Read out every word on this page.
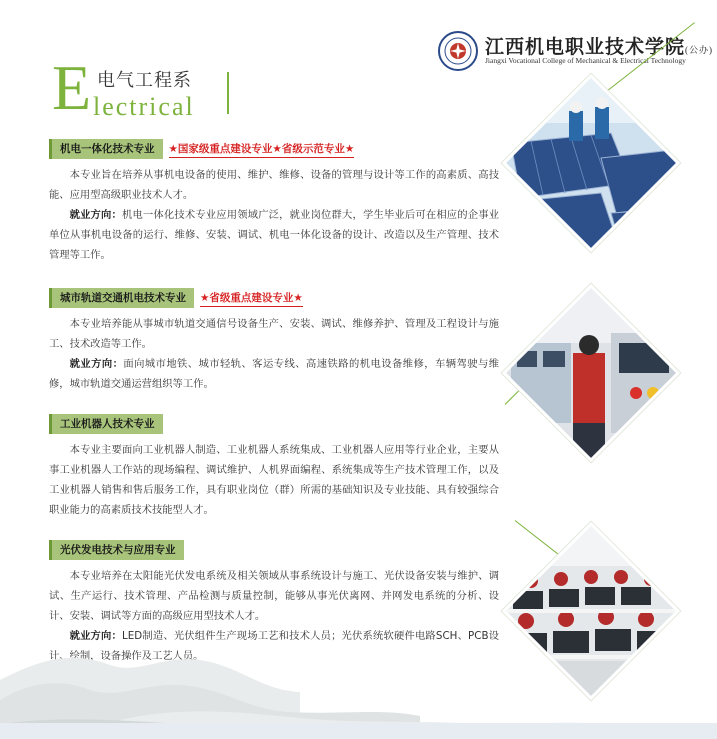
E 电气工程系
lectrical
江西机电职业技术学院(公办)
Jiangxi Vocational College of Mechanical & Electrical Technology
机电一体化技术专业 ★国家级重点建设专业★省级示范专业★

本专业旨在培养从事机电设备的使用、维护、维修、设备的管理与设计等工作的高素质、高技能、应用型高级职业技术人才。

就业方向：机电一体化技术专业应用领域广泛，就业岗位群大，学生毕业后可在相应的企事业单位从事机电设备的运行、维修、安装、调试、机电一体化设备的设计、改造以及生产管理、技术管理等工作。

城市轨道交通机电技术专业 ★省级重点建设专业★

本专业培养能从事城市轨道交通信号设备生产、安装、调试、维修养护、管理及工程设计与施工、技术改造等工作。

就业方向：面向城市地铁、城市轻轨、客运专线、高速铁路的机电设备维修，车辆驾驶与维修，城市轨道交通运营组织等工作。

工业机器人技术专业

本专业主要面向工业机器人制造、工业机器人系统集成、工业机器人应用等行业企业，主要从事工业机器人工作站的现场编程、调试维护、人机界面编程、系统集成等生产技术管理工作，以及工业机器人销售和售后服务工作，具有职业岗位（群）所需的基础知识及专业技能、具有较强综合职业能力的高素质技术技能型人才。

光伏发电技术与应用专业

本专业培养在太阳能光伏发电系统及相关领域从事系统设计与施工、光伏设备安装与维护、调试、生产运行、技术管理、产品检测与质量控制，能够从事光伏离网、并网发电系统的分析、设计、安装、调试等方面的高级应用型技术人才。

就业方向：LED制造、光伏组件生产现场工艺和技术人员；光伏系统软硬件电路SCH、PCB设计、绘制，设备操作及工艺人员。
